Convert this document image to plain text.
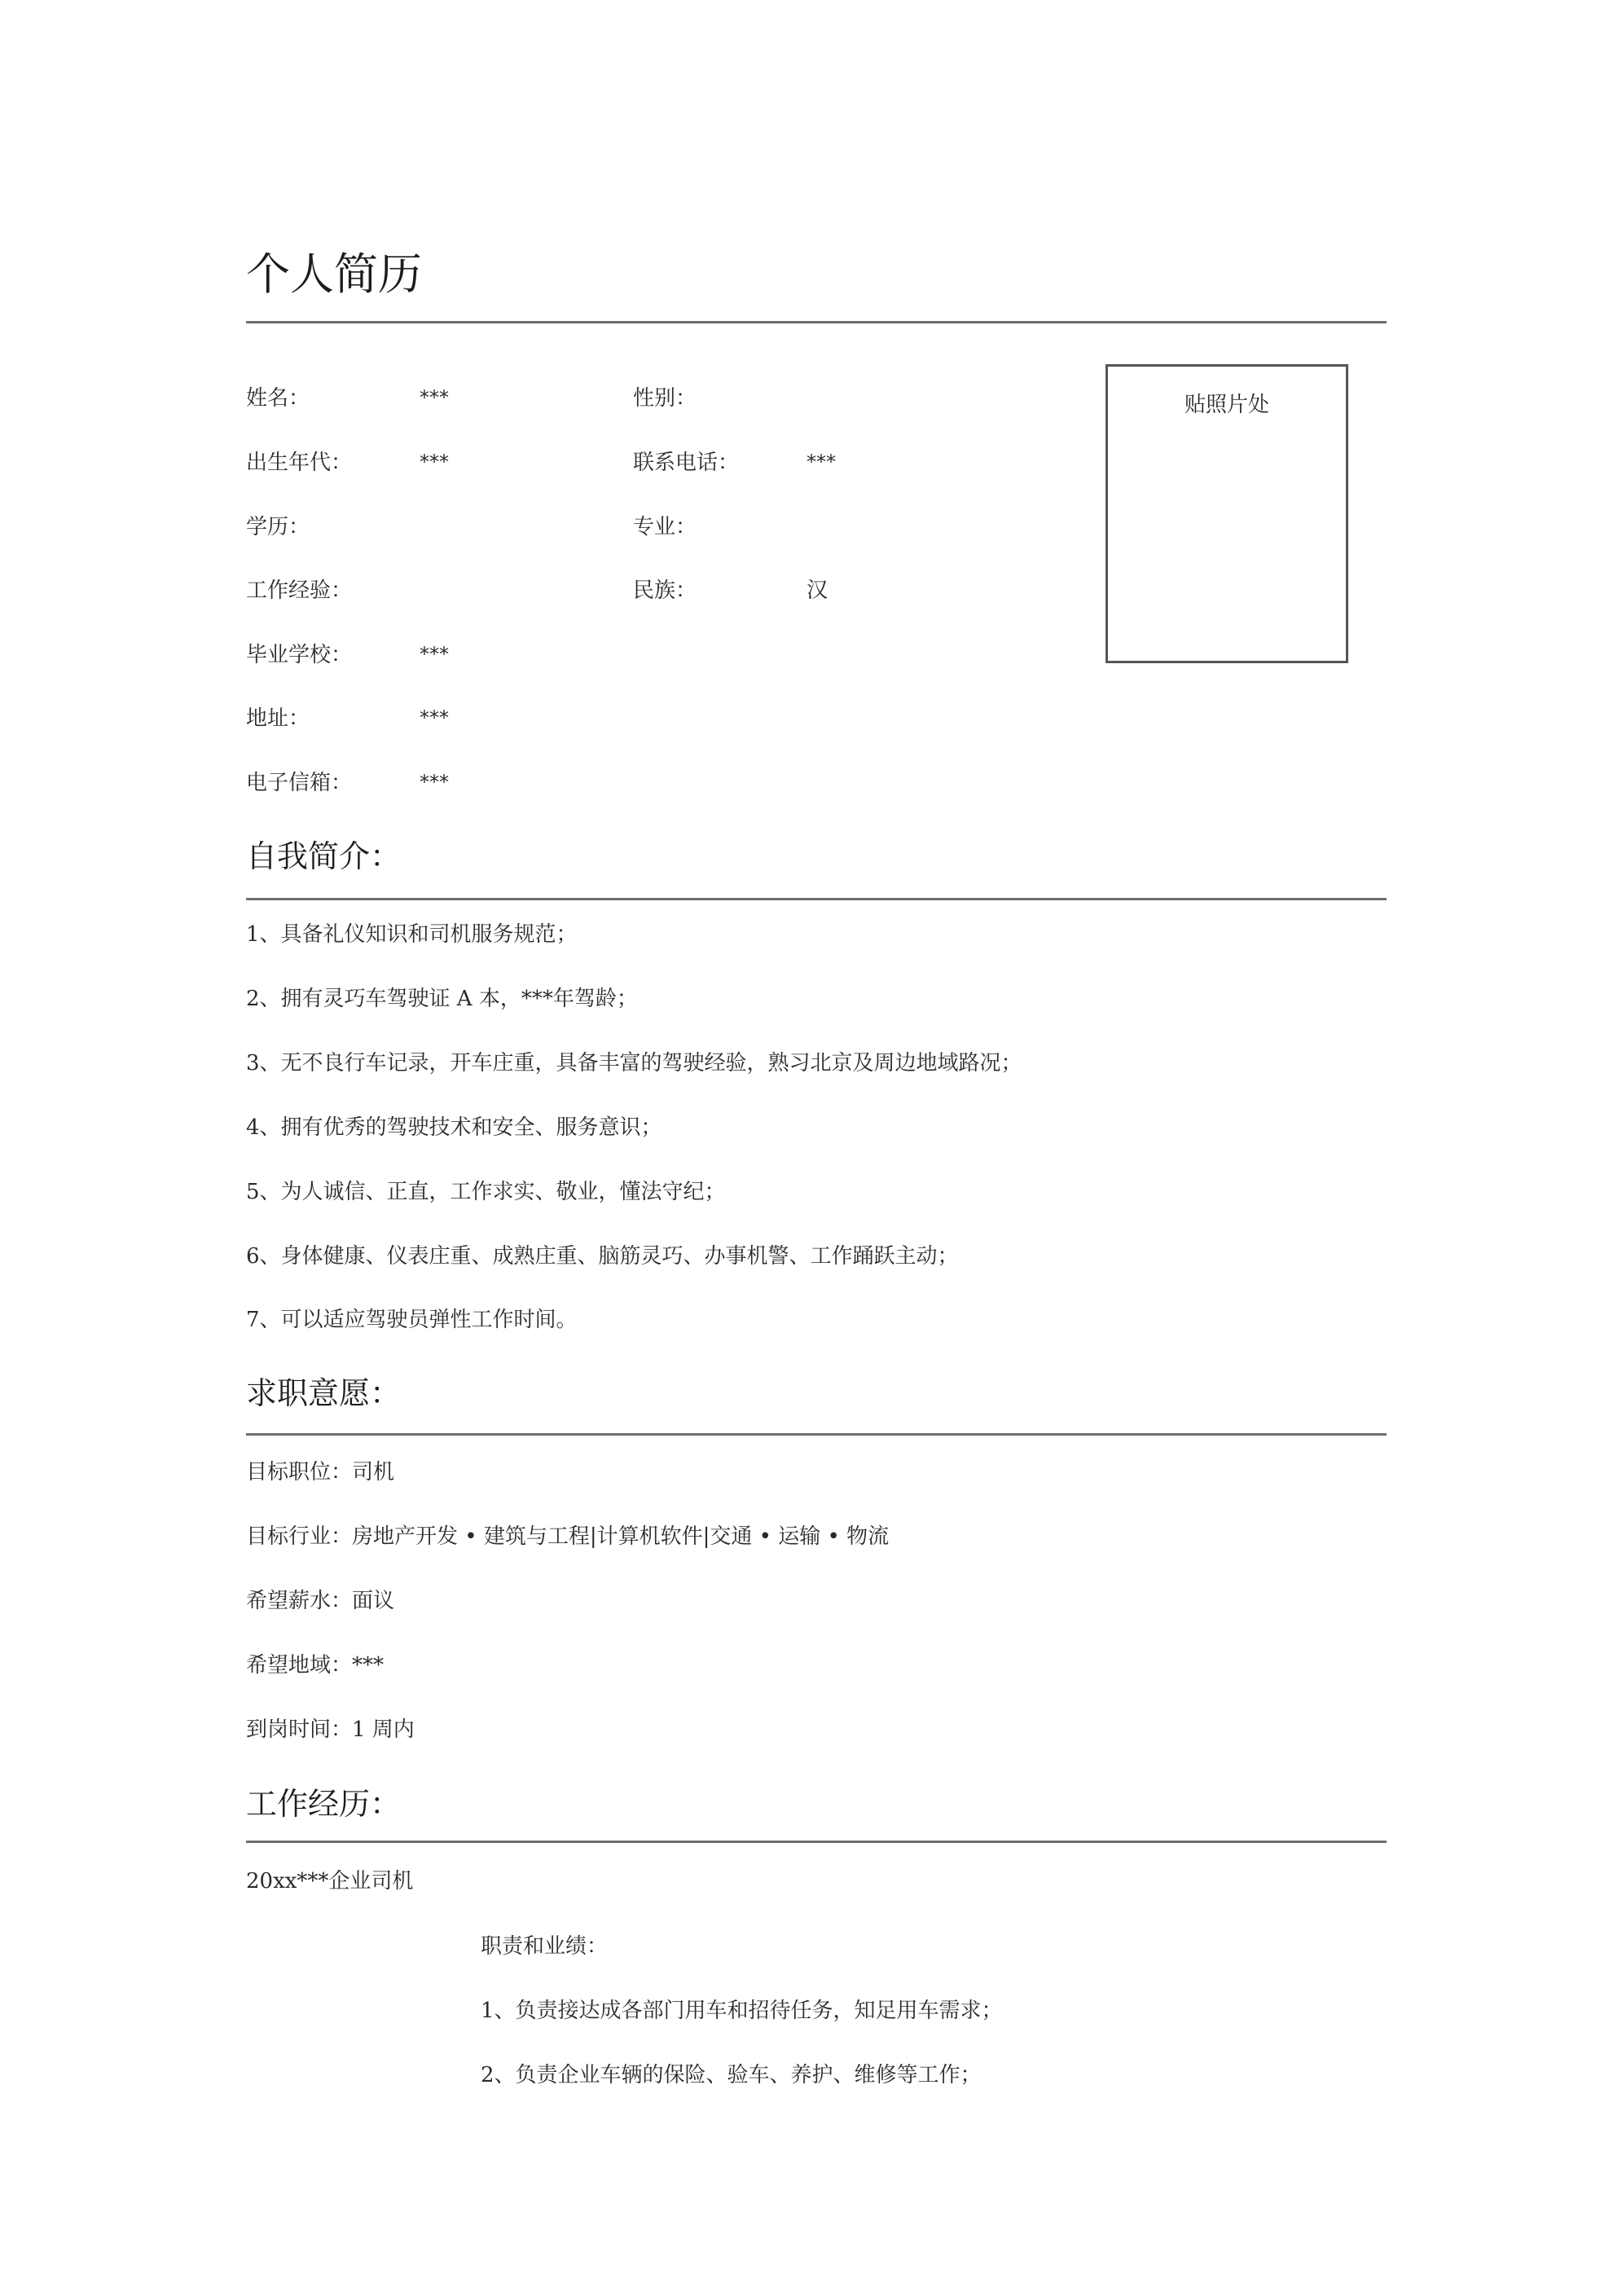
个人简历
姓名：	***	性别：
出生年代：	***	联系电话：	***
学历：	专业：
工作经验：	民族：	汉
毕业学校：	***
地址：	***
电子信箱：	***
贴照片处
自我简介：
1、具备礼仪知识和司机服务规范；
2、拥有灵巧车驾驶证 A 本，***年驾龄；
3、无不良行车记录，开车庄重，具备丰富的驾驶经验，熟习北京及周边地域路况；
4、拥有优秀的驾驶技术和安全、服务意识；
5、为人诚信、正直，工作求实、敬业，懂法守纪；
6、身体健康、仪表庄重、成熟庄重、脑筋灵巧、办事机警、工作踊跃主动；
7、可以适应驾驶员弹性工作时间。
求职意愿：
目标职位：司机
目标行业：房地产开发 • 建筑与工程|计算机软件|交通 • 运输 • 物流
希望薪水：面议
希望地域：***
到岗时间：1 周内
工作经历：
20xx***企业司机
职责和业绩：
1、负责接达成各部门用车和招待任务，知足用车需求；
2、负责企业车辆的保险、验车、养护、维修等工作；
